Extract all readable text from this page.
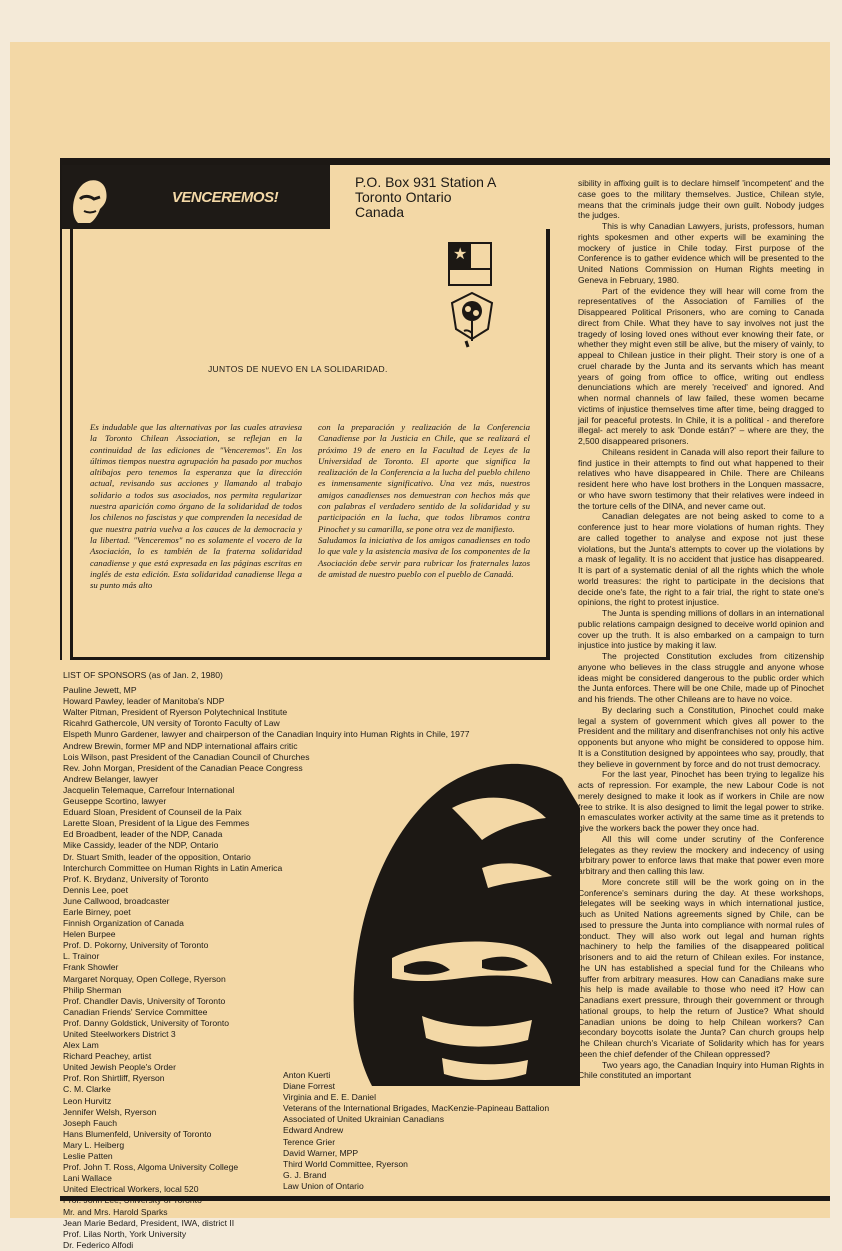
VENCEREMOS!
P.O. Box 931 Station A
Toronto Ontario
Canada
★
JUNTOS DE NUEVO EN LA SOLIDARIDAD.

Es indudable que las alternativas por las cuales atraviesa la Toronto Chilean Association, se reflejan en la continuidad de las ediciones de "Venceremos". En los últimos tiempos nuestra agrupación ha pasado por muchos altibajos pero tenemos la esperanza que la dirección actual, revisando sus acciones y llamando al trabajo solidario a todos sus asociados, nos permita regularizar nuestra aparición como órgano de la solidaridad de todos los chilenos no fascistas y que comprenden la necesidad de que nuestra patria vuelva a los cauces de la democracia y la libertad. "Venceremos" no es solamente el vocero de la Asociación, lo es también de la fraterna solidaridad canadiense y que está expresada en las páginas escritas en inglés de esta edición. Esta solidaridad canadiense llega a su punto más alto

con la preparación y realización de la Conferencia Canadiense por la Justicia en Chile, que se realizará el próximo 19 de enero en la Facultad de Leyes de la Universidad de Toronto. El aporte que significa la realización de la Conferencia a la lucha del pueblo chileno es inmensamente significativo. Una vez más, nuestros amigos canadienses nos demuestran con hechos más que con palabras el verdadero sentido de la solidaridad y su participación en la lucha, que todos libramos contra Pinochet y su camarilla, se pone otra vez de manifiesto.

Saludamos la iniciativa de los amigos canadienses en todo lo que vale y la asistencia masiva de los componentes de la Asociación debe servir para rubricar los fraternales lazos de amistad de nuestro pueblo con el pueblo de Canadá.

LIST OF SPONSORS (as of Jan. 2, 1980)
Pauline Jewett, MP
Howard Pawley, leader of Manitoba's NDP
Walter Pitman, President of Ryerson Polytechnical Institute
Ricahrd Gathercole, UN versity of Toronto Faculty of Law
Elspeth Munro Gardener, lawyer and chairperson of the Canadian Inquiry into Human Rights in Chile, 1977
Andrew Brewin, former MP and NDP international affairs critic
Lois Wilson, past President of the Canadian Council of Churches
Rev. John Morgan, President of the Canadian Peace Congress
Andrew Belanger, lawyer
Jacquelin Telemaque, Carrefour International
Geuseppe Scortino, lawyer
Eduard Sloan, President of Counseil de la Paix
Larette Sloan, President of la Ligue des Femmes
Ed Broadbent, leader of the NDP, Canada
Mike Cassidy, leader of the NDP, Ontario
Dr. Stuart Smith, leader of the opposition, Ontario
Interchurch Committee on Human Rights in Latin America
Prof. K. Brydanz, University of Toronto
Dennis Lee, poet
June Callwood, broadcaster
Earle Birney, poet
Finnish Organization of Canada
Helen Burpee
Prof. D. Pokorny, University of Toronto
L. Trainor
Frank Showler
Margaret Norquay, Open College, Ryerson
Philip Sherman
Prof. Chandler Davis, University of Toronto
Canadian Friends' Service Committee
Prof. Danny Goldstick, University of Toronto
United Steelworkers District 3
Alex Lam
Richard Peachey, artist
United Jewish People's Order
Prof. Ron Shirtliff, Ryerson
C. M. Clarke
Leon Hurvitz
Jennifer Welsh, Ryerson
Joseph Fauch
Hans Blumenfeld, University of Toronto
Mary L. Heiberg
Leslie Patten
Prof. John T. Ross, Algoma University College
Lani Wallace
United Electrical Workers, local 520
Mr. and Mrs. Harold Sparks
Jean Marie Bedard, President, IWA, district II
Prof. Lilas North, York University
Dr. Federico Alfodi
Anton Kuerti
Diane Forrest
Virginia and E. E. Daniel
Veterans of the International Brigades, MacKenzie-Papineau Battalion
Associated of United Ukrainian Canadians
Edward Andrew
Terence Grier
David Warner, MPP
Third World Committee, Ryerson
G. J. Brand
Law Union of Ontario

sibility in affixing guilt is to declare himself 'incompetent' and the case goes to the military themselves. Justice, Chilean style, means that the criminals judge their own guilt. Nobody judges the judges.

This is why Canadian Lawyers, jurists, professors, human rights spokesmen and other experts will be examining the mockery of justice in Chile today. First purpose of the Conference is to gather evidence which will be presented to the United Nations Commission on Human Rights meeting in Geneva in February, 1980.

Part of the evidence they will hear will come from the representatives of the Association of Families of the Disappeared Political Prisoners, who are coming to Canada direct from Chile. What they have to say involves not just the tragedy of losing loved ones without ever knowing their fate, or whether they might even still be alive, but the misery of vainly, to appeal to Chilean justice in their plight. Their story is one of a cruel charade by the Junta and its servants which has meant years of going from office to office, writing out endless denunciations which are merely 'received' and ignored. And when normal channels of law failed, these women became victims of injustice themselves time after time, being dragged to jail for peaceful protests. In Chile, it is a political - and therefore illegal- act merely to ask 'Donde están?' – where are they, the 2,500 disappeared prisoners.

Chileans resident in Canada will also report their failure to find justice in their attempts to find out what happened to their relatives who have disappeared in Chile. There are Chileans resident here who have lost brothers in the Lonquen massacre, or who have sworn testimony that their relatives were indeed in the torture cells of the DINA, and never came out.

Canadian delegates are not being asked to come to a conference just to hear more violations of human rights. They are called together to analyse and expose not just these violations, but the Junta's attempts to cover up the violations by a mask of legality. It is no accident that justice has disappeared. It is part of a systematic denial of all the rights which the whole world treasures: the right to participate in the decisions that decide one's fate, the right to a fair trial, the right to state one's opinions, the right to protest injustice.

The Junta is spending millions of dollars in an international public relations campaign designed to deceive world opinion and cover up the truth. It is also embarked on a campaign to turn injustice into justice by making it law.

The projected Constitution excludes from citizenship anyone who believes in the class struggle and anyone whose ideas might be considered dangerous to the public order which the Junta enforces. There will be one Chile, made up of Pinochet and his friends. The other Chileans are to have no voice.

By declaring such a Constitution, Pinochet could make legal a system of government which gives all power to the President and the military and disenfranchises not only his active opponents but anyone who might be considered to oppose him. It is a Constitution designed by appointees who say, proudly, that they believe in government by force and do not trust democracy.

For the last year, Pinochet has been trying to legalize his acts of repression. For example, the new Labour Code is not merely designed to make it look as if workers in Chile are now free to strike. It is also designed to limit the legal power to strike. In emasculates worker activity at the same time as it pretends to give the workers back the power they once had.

All this will come under scrutiny of the Conference delegates as they review the mockery and indecency of using arbitrary power to enforce laws that make that power even more arbitrary and then calling this law.

More concrete still will be the work going on in the Conference's seminars during the day. At these workshops, delegates will be seeking ways in which international justice, such as United Nations agreements signed by Chile, can be used to pressure the Junta into compliance with normal rules of conduct. They will also work out legal and human rights machinery to help the families of the disappeared political prisoners and to aid the return of Chilean exiles. For instance, the UN has established a special fund for the Chileans who suffer from arbitrary measures. How can Canadians make sure this help is made available to those who need it? How can Canadians exert pressure, through their government or through national groups, to help the return of Justice? What should Canadian unions be doing to help Chilean workers? Can secondary boycotts isolate the Junta? Can church groups help the Chilean church's Vicariate of Solidarity which has for years been the chief defender of the Chilean oppressed?

Two years ago, the Canadian Inquiry into Human Rights in Chile constituted an important
